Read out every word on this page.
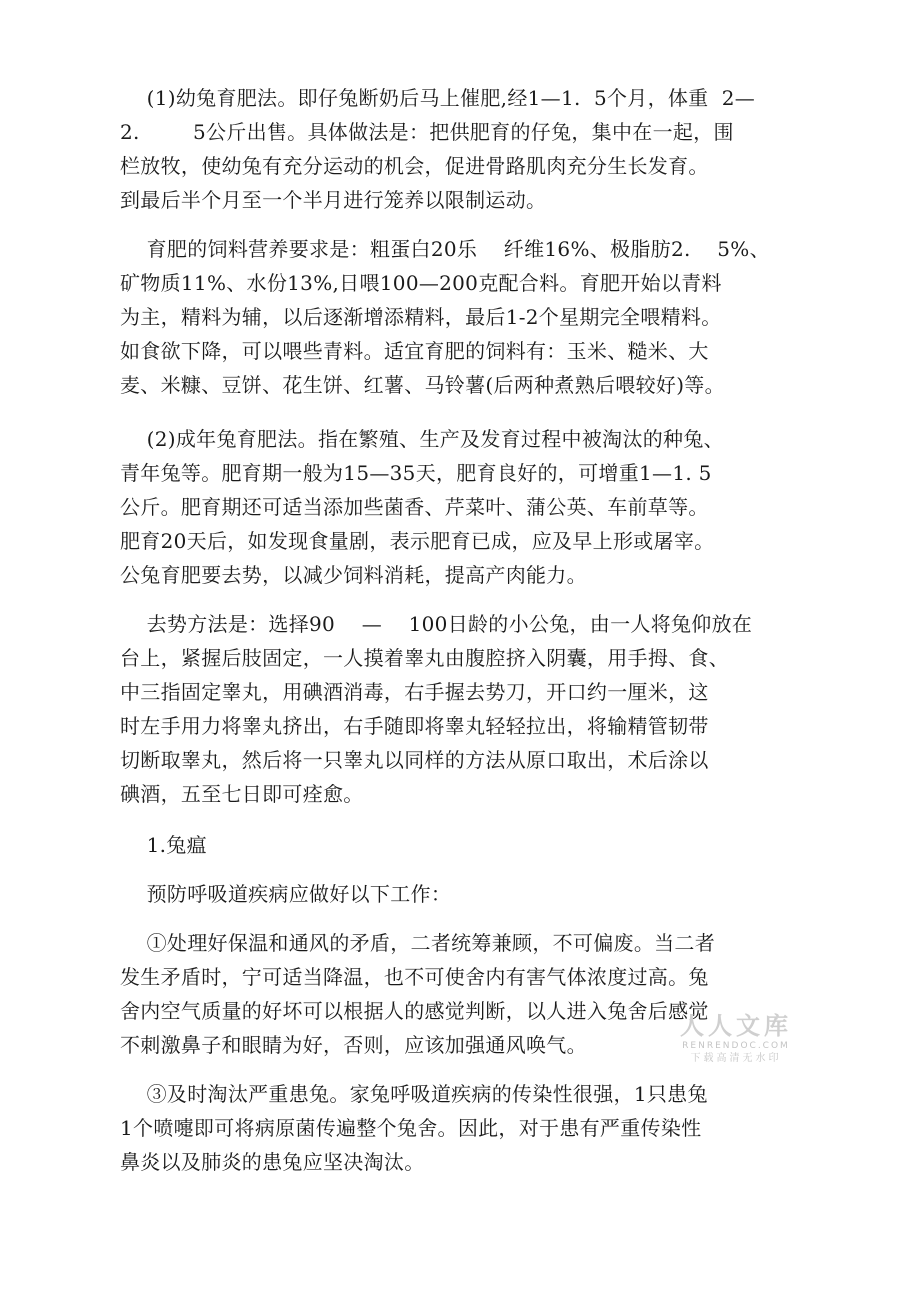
(1)幼兔育肥法。即仔兔断奶后马上催肥,经1—1.  5个月，体重  2—
2.        5公斤出售。具体做法是：把供肥育的仔兔，集中在一起，围
栏放牧，使幼兔有充分运动的机会，促进骨路肌肉充分生长发育。
到最后半个月至一个半月进行笼养以限制运动。
育肥的饲料营养要求是：粗蛋白20乐    纤维16%、极脂肪2.    5%、
矿物质11%、水份13%,日喂100—200克配合料。育肥开始以青料
为主，精料为辅，以后逐渐增添精料，最后1-2个星期完全喂精料。
如食欲下降，可以喂些青料。适宜育肥的饲料有：玉米、糙米、大
麦、米糠、豆饼、花生饼、红薯、马铃薯(后两种煮熟后喂较好)等。
(2)成年兔育肥法。指在繁殖、生产及发育过程中被淘汰的种兔、
青年兔等。肥育期一般为15—35天，肥育良好的，可增重1—1. 5
公斤。肥育期还可适当添加些菌香、芹菜叶、蒲公英、车前草等。
肥育20天后，如发现食量剧，表示肥育已成，应及早上形或屠宰。
公兔育肥要去势，以减少饲料消耗，提高产肉能力。
去势方法是：选择90    —    100日龄的小公兔，由一人将兔仰放在
台上，紧握后肢固定，一人摸着睾丸由腹腔挤入阴囊，用手拇、食、
中三指固定睾丸，用碘酒消毒，右手握去势刀，开口约一厘米，这
时左手用力将睾丸挤出，右手随即将睾丸轻轻拉出，将输精管韧带
切断取睾丸，然后将一只睾丸以同样的方法从原口取出，术后涂以
碘酒，五至七日即可痊愈。
1.兔瘟
预防呼吸道疾病应做好以下工作：
①处理好保温和通风的矛盾，二者统筹兼顾，不可偏废。当二者
发生矛盾时，宁可适当降温，也不可使舍内有害气体浓度过高。兔
舍内空气质量的好坏可以根据人的感觉判断，以人进入兔舍后感觉
不刺激鼻子和眼睛为好，否则，应该加强通风唤气。
③及时淘汰严重患兔。家兔呼吸道疾病的传染性很强，1只患兔
1个喷嚏即可将病原菌传遍整个兔舍。因此，对于患有严重传染性
鼻炎以及肺炎的患兔应坚决淘汰。
人人文库
RENRENDOC.COM
下载高清无水印
